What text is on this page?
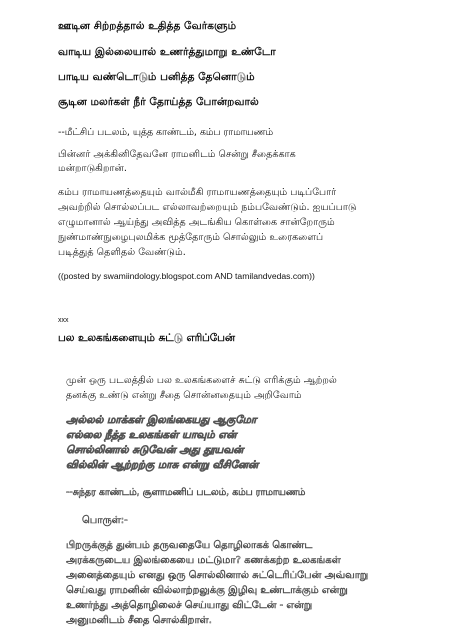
ஊடின சிற்றத்தால் உதித்த வேர்களும்
வாடிய இல்லையால் உணர்த்துமாறு உண்டோ
பாடிய வண்டொடும் பனித்த தேனொடும்
சூடின மலர்கள் நீர் தோய்த்த போன்றவால்
--மீட்சிப் படலம், யுத்த காண்டம், கம்ப ராமாயணம்
பின்னர் அக்கினிதேவனே ராமனிடம் சென்று சீதைக்காக
மன்றாடுகிறான்.
கம்ப ராமாயணத்தையும் வால்மீகி ராமாயணத்தையும் படிப்போர்
அவற்றில் சொல்லப்பட எல்லாவற்றையும் நம்பவேண்டும். ஐயப்பாடு
எழுமானால் ஆய்ந்து அவித்த அடங்கிய கொள்கை சான்றோரும்
நுண்மாண்நுழைபுலமிக்க மூத்தோரும் சொல்லும் உரைகளைப்
படித்துத் தெளிதல் வேண்டும்.
((posted by swamiindology.blogspot.com AND tamilandvedas.com))
xxx
பல உலகங்களையும் சுட்டு எரிப்பேன்
முன் ஒரு படலத்தில் பல உலகங்களைச் சுட்டு எரிக்கும் ஆற்றல்
தனக்கு உண்டு என்று சீதை சொன்னதையும் அறிவோம்
அல்லல் மாக்கள் இலங்கையது ஆகுமோ
எல்லை நீத்த உலகங்கள் யாவும் என்
சொல்லினால் சுடுவேன் அது தூயவன்
வில்லின் ஆற்றற்கு மாசு என்று வீசினேன்
--சுந்தர காண்டம், சூளாமணிப் படலம், கம்ப ராமாயணம்
பொருள்:-
பிறருக்குத் துன்பம் தருவதையே தொழிலாகக் கொண்ட
அரக்கருடைய இலங்கையை மட்டுமா? கணக்கற்ற உலகங்கள்
அனைத்தையும் எனது ஒரு சொல்லினால் சுட்டெரிப்பேன் அவ்வாறு
செய்வது ராமனின் வில்லாற்றலுக்கு இழிவு உண்டாக்கும் என்று
உணர்ந்து அத்தொழிலைச் செய்யாது விட்டேன் - என்று
அனுமனிடம் சீதை சொல்கிறாள்.
